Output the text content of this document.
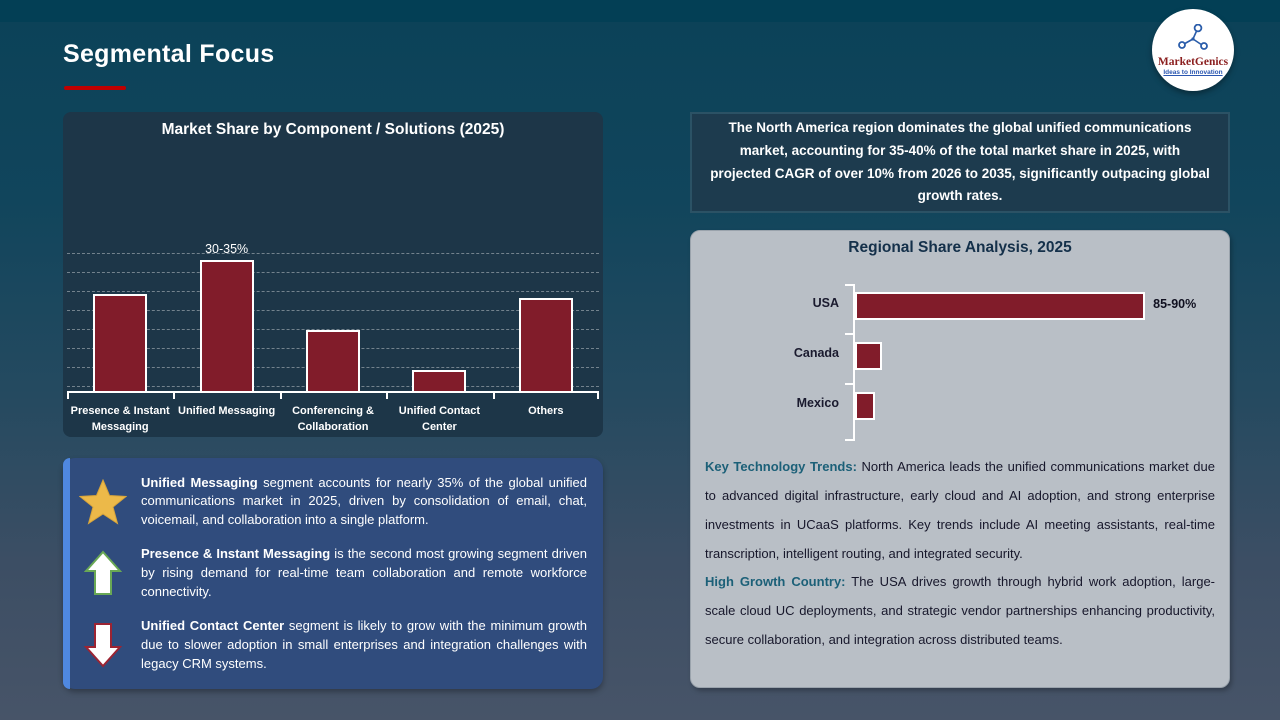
Segmental Focus	MarketGenics
Ideas to Innovation
Market Share by Component / Solutions (2025)
30-35%
Presence & Instant Messaging
Unified Messaging	Conferencing & Collaboration
Unified Contact Center
Others

Unified Messaging segment accounts for nearly 35% of the global unified communications market in 2025, driven by consolidation of email, chat, voicemail, and collaboration into a single platform.

Presence & Instant Messaging is the second most growing segment driven by rising demand for real-time team collaboration and remote workforce connectivity.

Unified Contact Center segment is likely to grow with the minimum growth due to slower adoption in small enterprises and integration challenges with legacy CRM systems.

The North America region dominates the global unified communications market, accounting for 35-40% of the total market share in 2025, with projected CAGR of over 10% from 2026 to 2035, significantly outpacing global growth rates.

Regional Share Analysis, 2025
USA	85-90%
Canada
Mexico

Key Technology Trends: North America leads the unified communications market due to advanced digital infrastructure, early cloud and AI adoption, and strong enterprise investments in UCaaS platforms. Key trends include AI meeting assistants, real-time transcription, intelligent routing, and integrated security.

High Growth Country: The USA drives growth through hybrid work adoption, large-scale cloud UC deployments, and strategic vendor partnerships enhancing productivity, secure collaboration, and integration across distributed teams.
